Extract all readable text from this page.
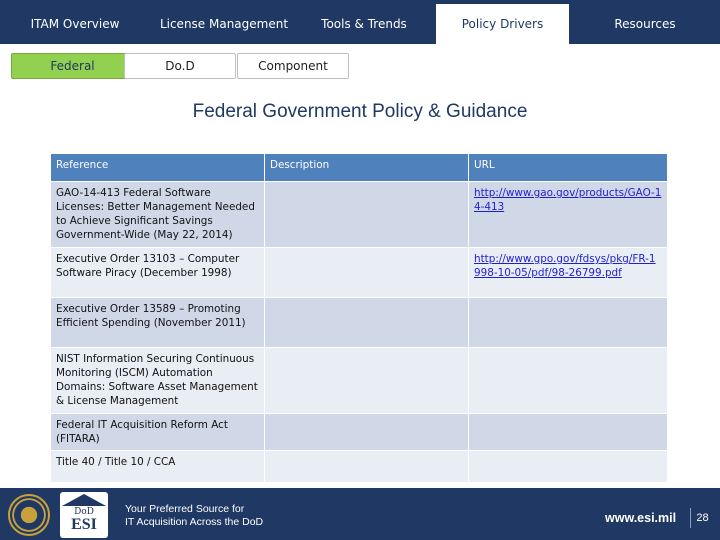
ITAM Overview	License Management	Tools & Trends	Policy Drivers	Resources
Federal	Do.D	Component
Federal Government Policy & Guidance
Reference	Description	URL
GAO-14-413 Federal Software Licenses: Better Management Needed to Achieve Significant Savings Government-Wide (May 22, 2014)		http://www.gao.gov/products/GAO-14-413
Executive Order 13103 – Computer Software Piracy (December 1998)		http://www.gpo.gov/fdsys/pkg/FR-1998-10-05/pdf/98-26799.pdf
Executive Order 13589 – Promoting Efficient Spending (November 2011)		
NIST Information Securing Continuous Monitoring (ISCM) Automation Domains: Software Asset Management & License Management		
Federal IT Acquisition Reform Act (FITARA)		
Title 40 / Title 10 / CCA		
DoD
ESI
Your Preferred Source for
IT Acquisition Across the DoD	www.esi.mil	28
